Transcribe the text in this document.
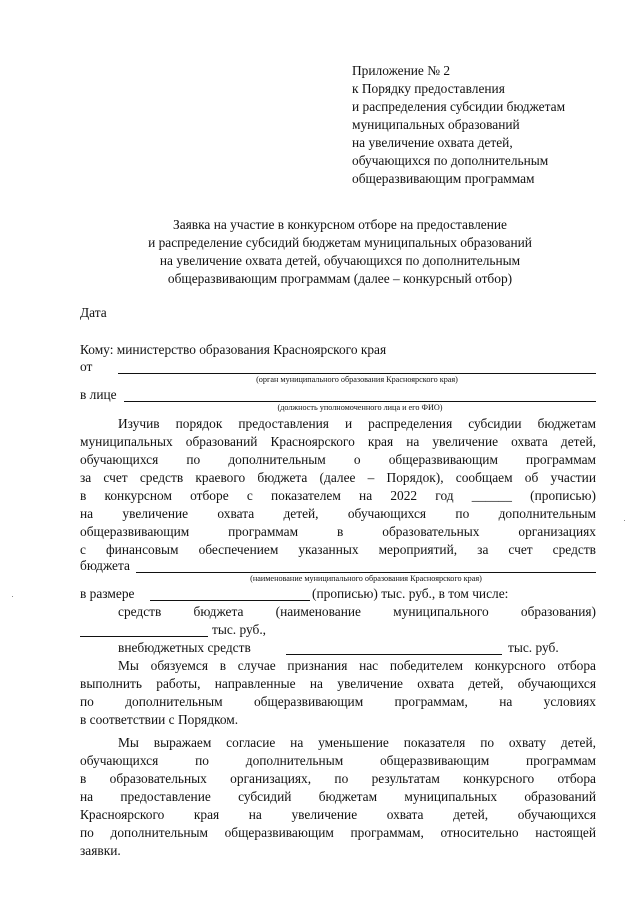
Приложение № 2
к Порядку предоставления
и распределения субсидии бюджетам
муниципальных образований
на увеличение охвата детей,
обучающихся по дополнительным
общеразвивающим программам
Заявка на участие в конкурсном отборе на предоставление
и распределение субсидий бюджетам муниципальных образований
на увеличение охвата детей, обучающихся по дополнительным
общеразвивающим программам (далее – конкурсный отбор)
Дата
Кому: министерство образования Красноярского края
от
(орган муниципального образования Красноярского края)
в лице
(должность уполномоченного лица и его ФИО)
Изучив порядок предоставления и распределения субсидии бюджетам
муниципальных образований Красноярского края на увеличение охвата детей,
обучающихся по дополнительным о общеразвивающим программам
за счет средств краевого бюджета (далее – Порядок), сообщаем об участии
в конкурсном отборе с показателем на 2022 год ______ (прописью)
на увеличение охвата детей, обучающихся по дополнительным
общеразвивающим программам в образовательных организациях
с финансовым обеспечением указанных мероприятий, за счет средств
бюджета
(наименование муниципального образования Красноярского края)
в размере	(прописью) тыс. руб., в том числе:
средств бюджета (наименование муниципального образования)
тыс. руб.,
внебюджетных средств	тыс. руб.
Мы обязуемся в случае признания нас победителем конкурсного отбора
выполнить работы, направленные на увеличение охвата детей, обучающихся
по дополнительным общеразвивающим программам, на условиях
в соответствии с Порядком.
Мы выражаем согласие на уменьшение показателя по охвату детей,
обучающихся по дополнительным общеразвивающим программам
в образовательных организациях, по результатам конкурсного отбора
на предоставление субсидий бюджетам муниципальных образований
Красноярского края на увеличение охвата детей, обучающихся
по дополнительным общеразвивающим программам, относительно настоящей
заявки.
